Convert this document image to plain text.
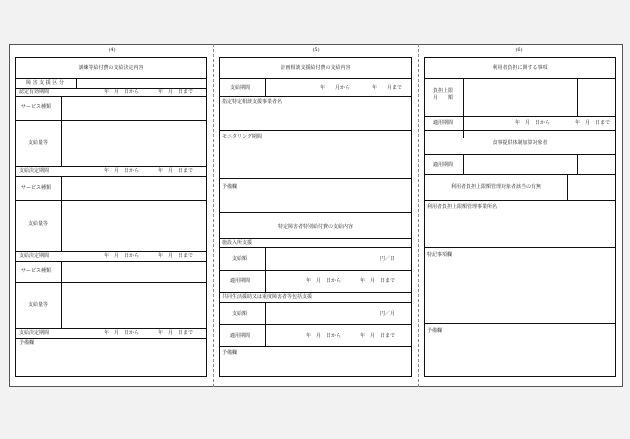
(4)	(5)	(6)
訓練等給付費の支給決定内容
障 害 支 援 区 分
認定有効期間	年　月　日から	年　月　日まで
サービス種類
支給量等
支給決定期間	年　月　日から	年　月　日まで
サービス種類
支給量等
支給決定期間	年　月　日から	年　月　日まで
サービス種類
支給量等
支給決定期間	年　月　日から	年　月　日まで
予備欄
計画相談支援給付費の支給内容
支給期間	年　　月から	年　　月まで
指定特定相談支援事業者名
モニタリング期間
予備欄
特定障害者特別給付費の支給内容
施設入所支援
支給額	円／日
適用期間	年　月　日から	年　月　日まで
共同生活援助又は重度障害者等包括支援
支給額	円／月
適用期間	年　月　日から	年　月　日まで
予備欄
利用者負担に関する事項
負担上限
月　　額
適用期間	年　月　日から	年　月　日まで
食事提供体制加算対象者
適用期間
利用者負担上限額管理対象者該当の有無
利用者負担上限額管理事業所名
特記事項欄
予備欄
